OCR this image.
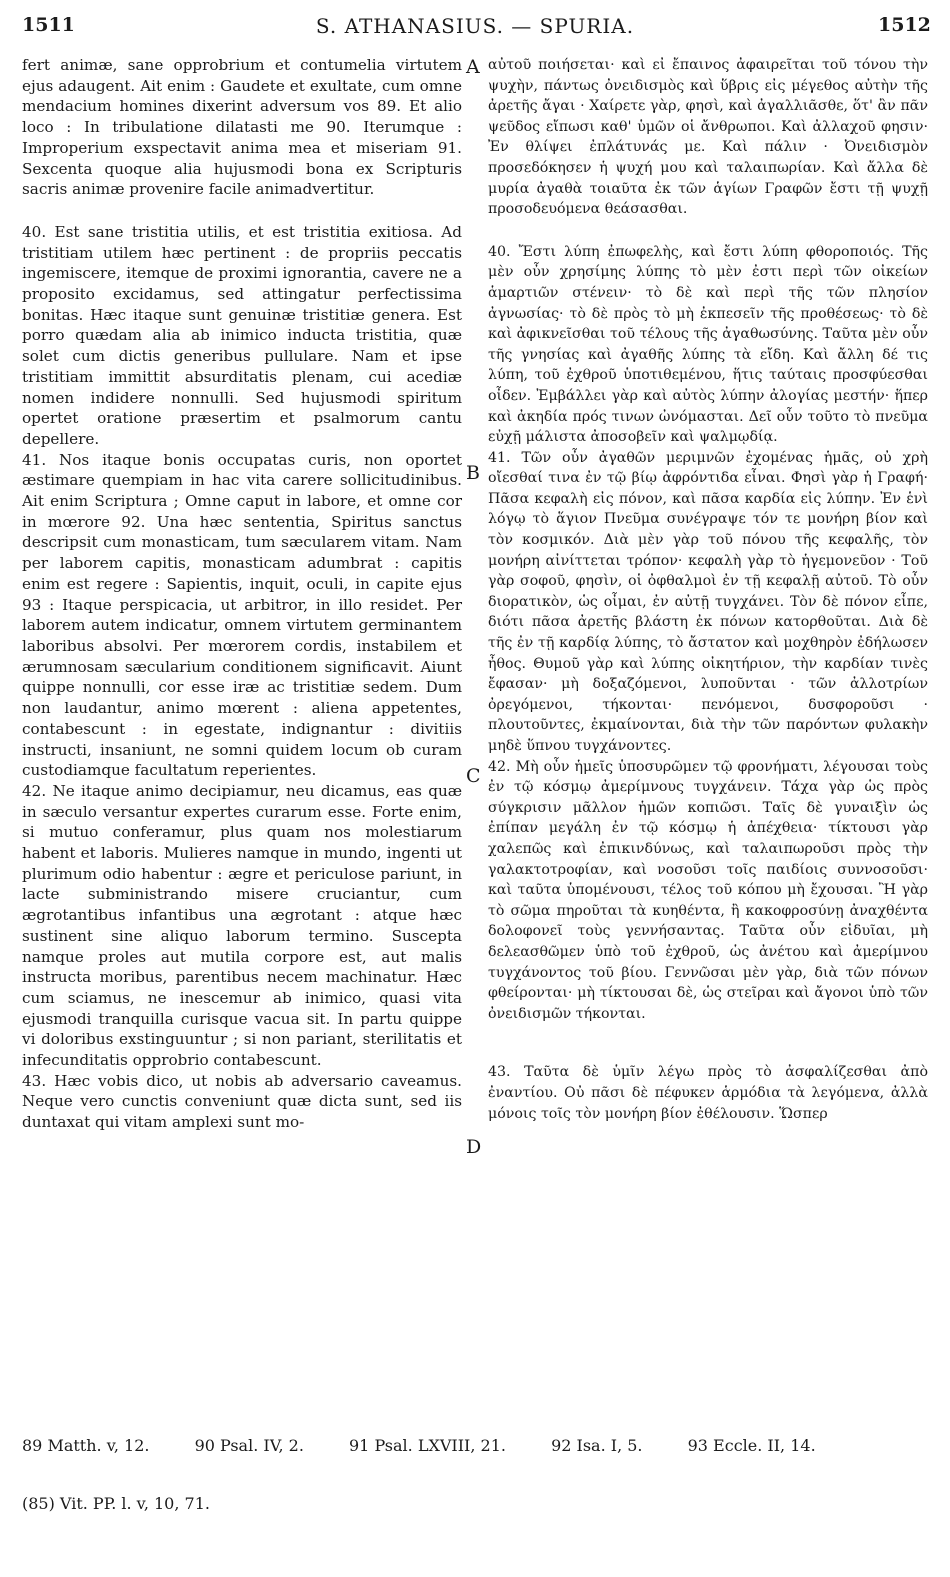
1511	S. ATHANASIUS. — SPURIA.	1512

fert animæ, sane opprobrium et contumelia virtutem ejus adaugent. Ait enim : Gaudete et exultate, cum omne mendacium homines dixerint adversum vos 89. Et alio loco : In tribulatione dilatasti me 90. Iterumque : Improperium exspectavit anima mea et miseriam 91. Sexcenta quoque alia hujusmodi bona ex Scripturis sacris animæ provenire facile animadvertitur.

40. Est sane tristitia utilis, et est tristitia exitiosa. Ad tristitiam utilem hæc pertinent : de propriis peccatis ingemiscere, itemque de proximi ignorantia, cavere ne a proposito excidamus, sed attingatur perfectissima bonitas. Hæc itaque sunt genuinæ tristitiæ genera. Est porro quædam alia ab inimico inducta tristitia, quæ solet cum dictis generibus pullulare. Nam et ipse tristitiam immittit absurditatis plenam, cui acediæ nomen indidere nonnulli. Sed hujusmodi spiritum opertet oratione præsertim et psalmorum cantu depellere.

41. Nos itaque bonis occupatas curis, non oportet æstimare quempiam in hac vita carere sollicitudinibus. Ait enim Scriptura ; Omne caput in labore, et omne cor in mœrore 92. Una hæc sententia, Spiritus sanctus descripsit cum monasticam, tum sæcularem vitam. Nam per laborem capitis, monasticam adumbrat : capitis enim est regere : Sapientis, inquit, oculi, in capite ejus 93 : Itaque perspicacia, ut arbitror, in illo residet. Per laborem autem indicatur, omnem virtutem germinantem laboribus absolvi. Per mœrorem cordis, instabilem et ærumnosam sæcularium conditionem significavit. Aiunt quippe nonnulli, cor esse iræ ac tristitiæ sedem. Dum non laudantur, animo mœrent : aliena appetentes, contabescunt : in egestate, indignantur : divitiis instructi, insaniunt, ne somni quidem locum ob curam custodiamque facultatum reperientes.

42. Ne itaque animo decipiamur, neu dicamus, eas quæ in sæculo versantur expertes curarum esse. Forte enim, si mutuo conferamur, plus quam nos molestiarum habent et laboris. Mulieres namque in mundo, ingenti ut plurimum odio habentur : ægre et periculose pariunt, in lacte subministrando misere cruciantur, cum ægrotantibus infantibus una ægrotant : atque hæc sustinent sine aliquo laborum termino. Suscepta namque proles aut mutila corpore est, aut malis instructa moribus, parentibus necem machinatur. Hæc cum sciamus, ne inescemur ab inimico, quasi vita ejusmodi tranquilla curisque vacua sit. In partu quippe vi doloribus exstinguuntur ; si non pariant, sterilitatis et infecunditatis opprobrio contabescunt.

43. Hæc vobis dico, ut nobis ab adversario caveamus. Neque vero cunctis conveniunt quæ dicta sunt, sed iis duntaxat qui vitam amplexi sunt mo-

A
B
C
D

αὐτοῦ ποιήσεται· καὶ εἰ ἔπαινος ἀφαιρεῖται τοῦ τόνου τὴν ψυχὴν, πάντως ὀνειδισμὸς καὶ ὕβρις εἰς μέγεθος αὐτὴν τῆς ἀρετῆς ἄγαι · Χαίρετε γὰρ, φησὶ, καὶ ἀγαλλιᾶσθε, ὅτ' ἂν πᾶν ψεῦδος εἴπωσι καθ' ὑμῶν οἱ ἄνθρωποι. Καὶ ἀλλαχοῦ φησιν· Ἐν θλίψει ἐπλάτυνάς με. Καὶ πάλιν · Ὀνειδισμὸν προσεδόκησεν ἡ ψυχή μου καὶ ταλαιπωρίαν. Καὶ ἄλλα δὲ μυρία ἀγαθὰ τοιαῦτα ἐκ τῶν ἁγίων Γραφῶν ἔστι τῇ ψυχῇ προσοδευόμενα θεάσασθαι.

40. Ἔστι λύπη ἐπωφελὴς, καὶ ἔστι λύπη φθοροποιός. Τῆς μὲν οὖν χρησίμης λύπης τὸ μὲν ἐστι περὶ τῶν οἰκείων ἁμαρτιῶν στένειν· τὸ δὲ καὶ περὶ τῆς τῶν πλησίον ἀγνωσίας· τὸ δὲ πρὸς τὸ μὴ ἐκπεσεῖν τῆς προθέσεως· τὸ δὲ καὶ ἀφικνεῖσθαι τοῦ τέλους τῆς ἀγαθωσύνης. Ταῦτα μὲν οὖν τῆς γνησίας καὶ ἀγαθῆς λύπης τὰ εἴδη. Καὶ ἄλλη δέ τις λύπη, τοῦ ἐχθροῦ ὑποτιθεμένου, ἥτις ταύταις προσφύεσθαι οἶδεν. Ἐμβάλλει γὰρ καὶ αὐτὸς λύπην ἀλογίας μεστήν· ἥπερ καὶ ἀκηδία πρός τινων ὠνόμασται. Δεῖ οὖν τοῦτο τὸ πνεῦμα εὐχῇ μάλιστα ἀποσοβεῖν καὶ ψαλμῳδίᾳ.

41. Τῶν οὖν ἀγαθῶν μεριμνῶν ἐχομένας ἡμᾶς, οὐ χρὴ οἴεσθαί τινα ἐν τῷ βίῳ ἀφρόντιδα εἶναι. Φησὶ γὰρ ἡ Γραφή· Πᾶσα κεφαλὴ εἰς πόνον, καὶ πᾶσα καρδία εἰς λύπην. Ἐν ἑνὶ λόγῳ τὸ ἅγιον Πνεῦμα συνέγραψε τόν τε μονήρη βίον καὶ τὸν κοσμικόν. Διὰ μὲν γὰρ τοῦ πόνου τῆς κεφαλῆς, τὸν μονήρη αἰνίττεται τρόπον· κεφαλὴ γὰρ τὸ ἡγεμονεῦον · Τοῦ γὰρ σοφοῦ, φησὶν, οἱ ὀφθαλμοὶ ἐν τῇ κεφαλῇ αὐτοῦ. Τὸ οὖν διορατικὸν, ὡς οἶμαι, ἐν αὐτῇ τυγχάνει. Τὸν δὲ πόνον εἶπε, διότι πᾶσα ἀρετῆς βλάστη ἐκ πόνων κατορθοῦται. Διὰ δὲ τῆς ἐν τῇ καρδίᾳ λύπης, τὸ ἄστατον καὶ μοχθηρὸν ἐδήλωσεν ἦθος. Θυμοῦ γὰρ καὶ λύπης οἰκητήριον, τὴν καρδίαν τινὲς ἔφασαν· μὴ δοξαζόμενοι, λυποῦνται · τῶν ἀλλοτρίων ὀρεγόμενοι, τήκονται· πενόμενοι, δυσφοροῦσι · πλουτοῦντες, ἐκμαίνονται, διὰ τὴν τῶν παρόντων φυλακὴν μηδὲ ὕπνου τυγχάνοντες.

42. Μὴ οὖν ἡμεῖς ὑποσυρῶμεν τῷ φρονήματι, λέγουσαι τοὺς ἐν τῷ κόσμῳ ἀμερίμνους τυγχάνειν. Τάχα γὰρ ὡς πρὸς σύγκρισιν μᾶλλον ἡμῶν κοπιῶσι. Ταῖς δὲ γυναιξὶν ὡς ἐπίπαν μεγάλη ἐν τῷ κόσμῳ ἡ ἀπέχθεια· τίκτουσι γὰρ χαλεπῶς καὶ ἐπικινδύνως, καὶ ταλαιπωροῦσι πρὸς τὴν γαλακτοτροφίαν, καὶ νοσοῦσι τοῖς παιδίοις συννοσοῦσι· καὶ ταῦτα ὑπομένουσι, τέλος τοῦ κόπου μὴ ἔχουσαι. Ἢ γὰρ τὸ σῶμα πηροῦται τὰ κυηθέντα, ἢ κακοφροσύνῃ ἀναχθέντα δολοφονεῖ τοὺς γεννήσαντας. Ταῦτα οὖν εἰδυῖαι, μὴ δελεασθῶμεν ὑπὸ τοῦ ἐχθροῦ, ὡς ἀνέτου καὶ ἀμερίμνου τυγχάνοντος τοῦ βίου. Γεννῶσαι μὲν γὰρ, διὰ τῶν πόνων φθείρονται· μὴ τίκτουσαι δὲ, ὡς στεῖραι καὶ ἄγονοι ὑπὸ τῶν ὀνειδισμῶν τήκονται.

43. Ταῦτα δὲ ὑμῖν λέγω πρὸς τὸ ἀσφαλίζεσθαι ἀπὸ ἐναντίου. Οὐ πᾶσι δὲ πέφυκεν ἁρμόδια τὰ λεγόμενα, ἀλλὰ μόνοις τοῖς τὸν μονήρη βίον ἐθέλουσιν. Ὥσπερ

89 Matth. v, 12.	90 Psal. IV, 2.	91 Psal. LXVIII, 21.	92 Isa. I, 5.	93 Eccle. II, 14.
(85) Vit. PP. l. v, 10, 71.
